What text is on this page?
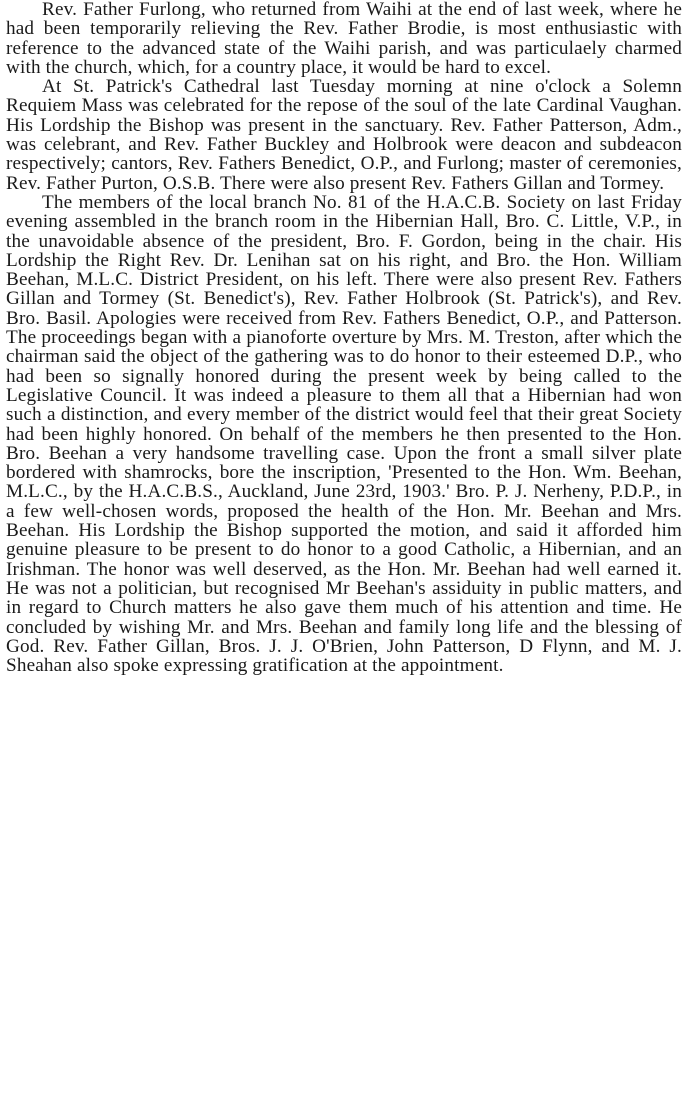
Rev. Father Furlong, who returned from Waihi at the end of last week, where he had been temporarily relieving the Rev. Father Brodie, is most enthusiastic with reference to the advanced state of the Waihi parish, and was particulaely charmed with the church, which, for a country place, it would be hard to excel.

At St. Patrick's Cathedral last Tuesday morning at nine o'clock a Solemn Requiem Mass was celebrated for the repose of the soul of the late Cardinal Vaughan. His Lordship the Bishop was present in the sanctuary. Rev. Father Patterson, Adm., was celebrant, and Rev. Father Buckley and Holbrook were deacon and subdeacon respectively; cantors, Rev. Fathers Benedict, O.P., and Furlong; master of ceremonies, Rev. Father Purton, O.S.B. There were also present Rev. Fathers Gillan and Tormey.

The members of the local branch No. 81 of the H.A.C.B. Society on last Friday evening assembled in the branch room in the Hibernian Hall, Bro. C. Little, V.P., in the unavoidable absence of the president, Bro. F. Gordon, being in the chair. His Lordship the Right Rev. Dr. Lenihan sat on his right, and Bro. the Hon. William Beehan, M.L.C. District President, on his left. There were also present Rev. Fathers Gillan and Tormey (St. Benedict's), Rev. Father Holbrook (St. Patrick's), and Rev. Bro. Basil. Apologies were received from Rev. Fathers Benedict, O.P., and Patterson. The proceedings began with a pianoforte overture by Mrs. M. Treston, after which the chairman said the object of the gathering was to do honor to their esteemed D.P., who had been so signally honored during the present week by being called to the Legislative Council. It was indeed a pleasure to them all that a Hibernian had won such a distinction, and every member of the district would feel that their great Society had been highly honored. On behalf of the members he then presented to the Hon. Bro. Beehan a very handsome travelling case. Upon the front a small silver plate bordered with shamrocks, bore the inscription, 'Presented to the Hon. Wm. Beehan, M.L.C., by the H.A.C.B.S., Auckland, June 23rd, 1903.' Bro. P. J. Nerheny, P.D.P., in a few well-chosen words, proposed the health of the Hon. Mr. Beehan and Mrs. Beehan. His Lordship the Bishop supported the motion, and said it afforded him genuine pleasure to be present to do honor to a good Catholic, a Hibernian, and an Irishman. The honor was well deserved, as the Hon. Mr. Beehan had well earned it. He was not a politician, but recognised Mr Beehan's assiduity in public matters, and in regard to Church matters he also gave them much of his attention and time. He concluded by wishing Mr. and Mrs. Beehan and family long life and the blessing of God. Rev. Father Gillan, Bros. J. J. O'Brien, John Patterson, D Flynn, and M. J. Sheahan also spoke expressing gratification at the appointment.
